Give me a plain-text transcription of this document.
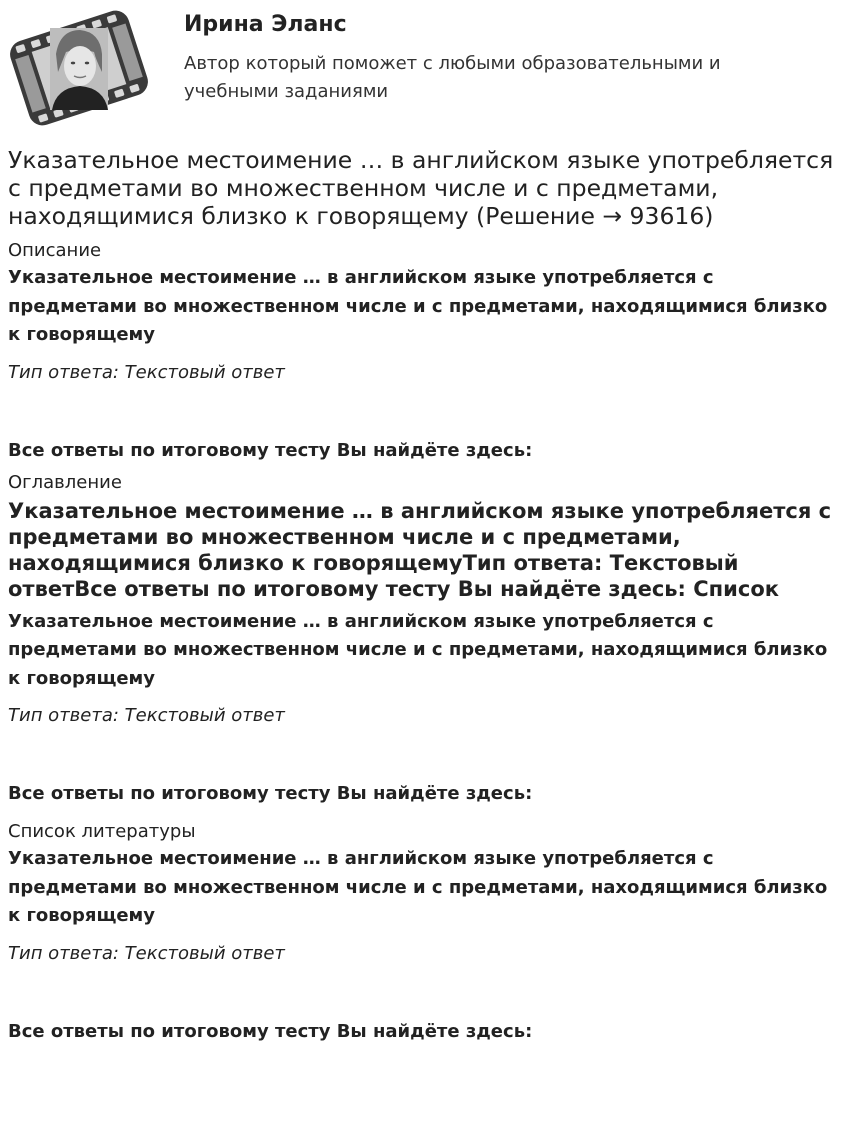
Ирина Эланс
Автор который поможет с любыми образовательными и учебными заданиями
Указательное местоимение … в английском языке употребляется с предметами во множественном числе и с предметами, находящимися близко к говорящему (Решение → 93616)
Описание
Указательное местоимение … в английском языке употребляется с предметами во множественном числе и с предметами, находящимися близко к говорящему
Тип ответа: Текстовый ответ
Все ответы по итоговому тесту Вы найдёте здесь:
Оглавление
Указательное местоимение … в английском языке употребляется с предметами во множественном числе и с предметами, находящимися близко к говорящемуТип ответа: Текстовый ответВсе ответы по итоговому тесту Вы найдёте здесь: Список
Указательное местоимение … в английском языке употребляется с предметами во множественном числе и с предметами, находящимися близко к говорящему
Тип ответа: Текстовый ответ
Все ответы по итоговому тесту Вы найдёте здесь:
Список литературы
Указательное местоимение … в английском языке употребляется с предметами во множественном числе и с предметами, находящимися близко к говорящему
Тип ответа: Текстовый ответ
Все ответы по итоговому тесту Вы найдёте здесь:
